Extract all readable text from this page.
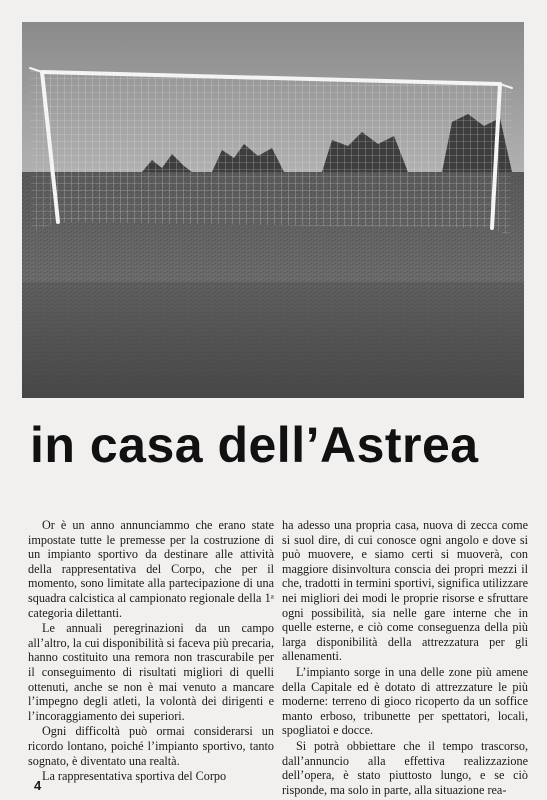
in casa dell’Astrea

Or è un anno annunciammo che erano state impostate tutte le premesse per la costruzione di un impianto sportivo da destinare alle attività della rappresentativa del Corpo, che per il momento, sono limitate alla partecipazione di una squadra calcistica al campionato regionale della 1ᵃ categoria dilettanti.

Le annuali peregrinazioni da un campo all’altro, la cui disponibilità si faceva più precaria, hanno costituito una remora non trascurabile per il conseguimento di risultati migliori di quelli ottenuti, anche se non è mai venuto a mancare l’impegno degli atleti, la volontà dei dirigenti e l’incoraggiamento dei superiori.

Ogni difficoltà può ormai considerarsi un ricordo lontano, poiché l’impianto sportivo, tanto sognato, è diventato una realtà.

La rappresentativa sportiva del Corpo

ha adesso una propria casa, nuova di zecca come si suol dire, di cui conosce ogni angolo e dove si può muovere, e siamo certi si muoverà, con maggiore disinvoltura conscia dei propri mezzi il che, tradotti in termini sportivi, significa utilizzare nei migliori dei modi le proprie risorse e sfruttare ogni possibilità, sia nelle gare interne che in quelle esterne, e ciò come conseguenza della più larga disponibilità della attrezzatura per gli allenamenti.

L’impianto sorge in una delle zone più amene della Capitale ed è dotato di attrezzature le più moderne: terreno di gioco ricoperto da un soffice manto erboso, tribunette per spettatori, locali, spogliatoi e docce.

Si potrà obbiettare che il tempo trascorso, dall’annuncio alla effettiva realizzazione dell’opera, è stato piuttosto lungo, e se ciò risponde, ma solo in parte, alla situazione rea-

4
